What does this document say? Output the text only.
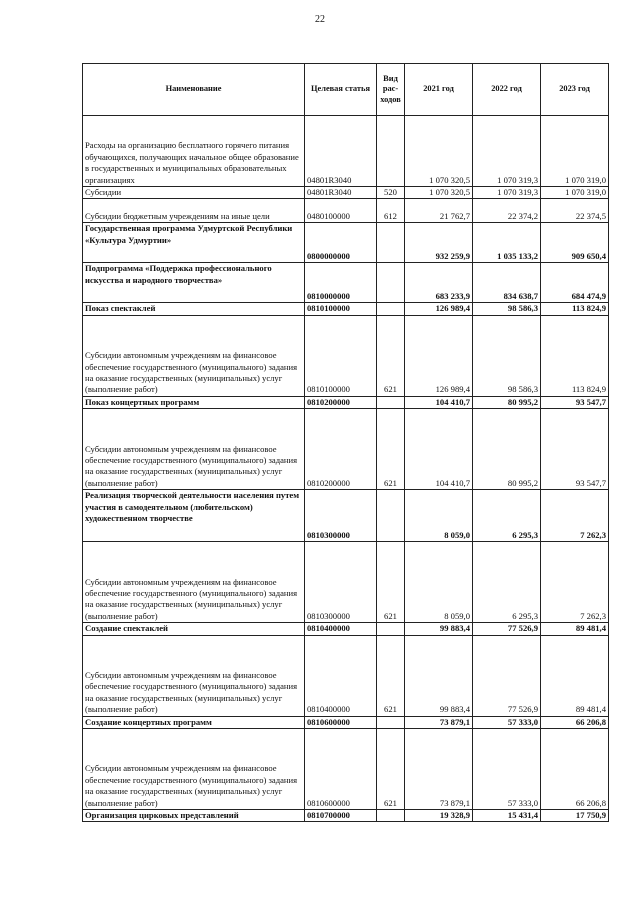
22
Наименование	Целевая статья	Вид рас-ходов	2021 год	2022 год	2023 год
Расходы на организацию бесплатного горячего питания обучающихся, получающих начальное общее образование в государственных и муниципальных образовательных организациях	04801R3040		1 070 320,5	1 070 319,3	1 070 319,0
Субсидии	04801R3040	520	1 070 320,5	1 070 319,3	1 070 319,0
Субсидии бюджетным учреждениям на иные цели	0480100000	612	21 762,7	22 374,2	22 374,5
Государственная программа Удмуртской Республики «Культура Удмуртии»	0800000000		932 259,9	1 035 133,2	909 650,4
Подпрограмма «Поддержка профессионального искусства и народного творчества»	0810000000		683 233,9	834 638,7	684 474,9
Показ спектаклей	0810100000		126 989,4	98 586,3	113 824,9
Субсидии автономным учреждениям на финансовое обеспечение государственного (муниципального) задания на оказание государственных (муниципальных) услуг (выполнение работ)	0810100000	621	126 989,4	98 586,3	113 824,9
Показ концертных программ	0810200000		104 410,7	80 995,2	93 547,7
Субсидии автономным учреждениям на финансовое обеспечение государственного (муниципального) задания на оказание государственных (муниципальных) услуг (выполнение работ)	0810200000	621	104 410,7	80 995,2	93 547,7
Реализация творческой деятельности населения путем участия в самодеятельном (любительском) художественном творчестве	0810300000		8 059,0	6 295,3	7 262,3
Субсидии автономным учреждениям на финансовое обеспечение государственного (муниципального) задания на оказание государственных (муниципальных) услуг (выполнение работ)	0810300000	621	8 059,0	6 295,3	7 262,3
Создание спектаклей	0810400000		99 883,4	77 526,9	89 481,4
Субсидии автономным учреждениям на финансовое обеспечение государственного (муниципального) задания на оказание государственных (муниципальных) услуг (выполнение работ)	0810400000	621	99 883,4	77 526,9	89 481,4
Создание концертных программ	0810600000		73 879,1	57 333,0	66 206,8
Субсидии автономным учреждениям на финансовое обеспечение государственного (муниципального) задания на оказание государственных (муниципальных) услуг (выполнение работ)	0810600000	621	73 879,1	57 333,0	66 206,8
Организация цирковых представлений	0810700000		19 328,9	15 431,4	17 750,9
